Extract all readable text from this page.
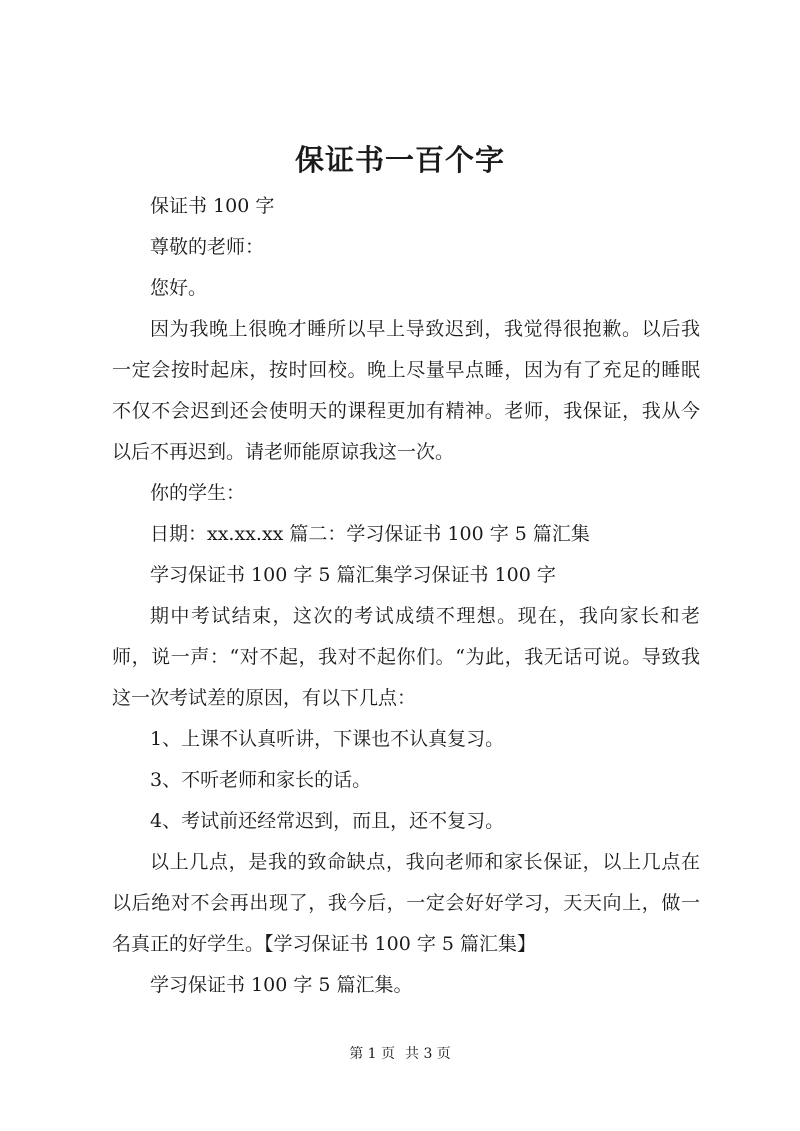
保证书一百个字

保证书 100 字

尊敬的老师：

您好。

因为我晚上很晚才睡所以早上导致迟到，我觉得很抱歉。以后我一定会按时起床，按时回校。晚上尽量早点睡，因为有了充足的睡眠不仅不会迟到还会使明天的课程更加有精神。老师，我保证，我从今以后不再迟到。请老师能原谅我这一次。

你的学生：

日期：xx.xx.xx 篇二：学习保证书 100 字 5 篇汇集

学习保证书 100 字 5 篇汇集学习保证书 100 字

期中考试结束，这次的考试成绩不理想。现在，我向家长和老师，说一声：“对不起，我对不起你们。“为此，我无话可说。导致我这一次考试差的原因，有以下几点：

1、上课不认真听讲，下课也不认真复习。

3、不听老师和家长的话。

4、考试前还经常迟到，而且，还不复习。

以上几点，是我的致命缺点，我向老师和家长保证，以上几点在以后绝对不会再出现了，我今后，一定会好好学习，天天向上，做一名真正的好学生。【学习保证书 100 字 5 篇汇集】

学习保证书 100 字 5 篇汇集。

第 1 页 共 3 页
